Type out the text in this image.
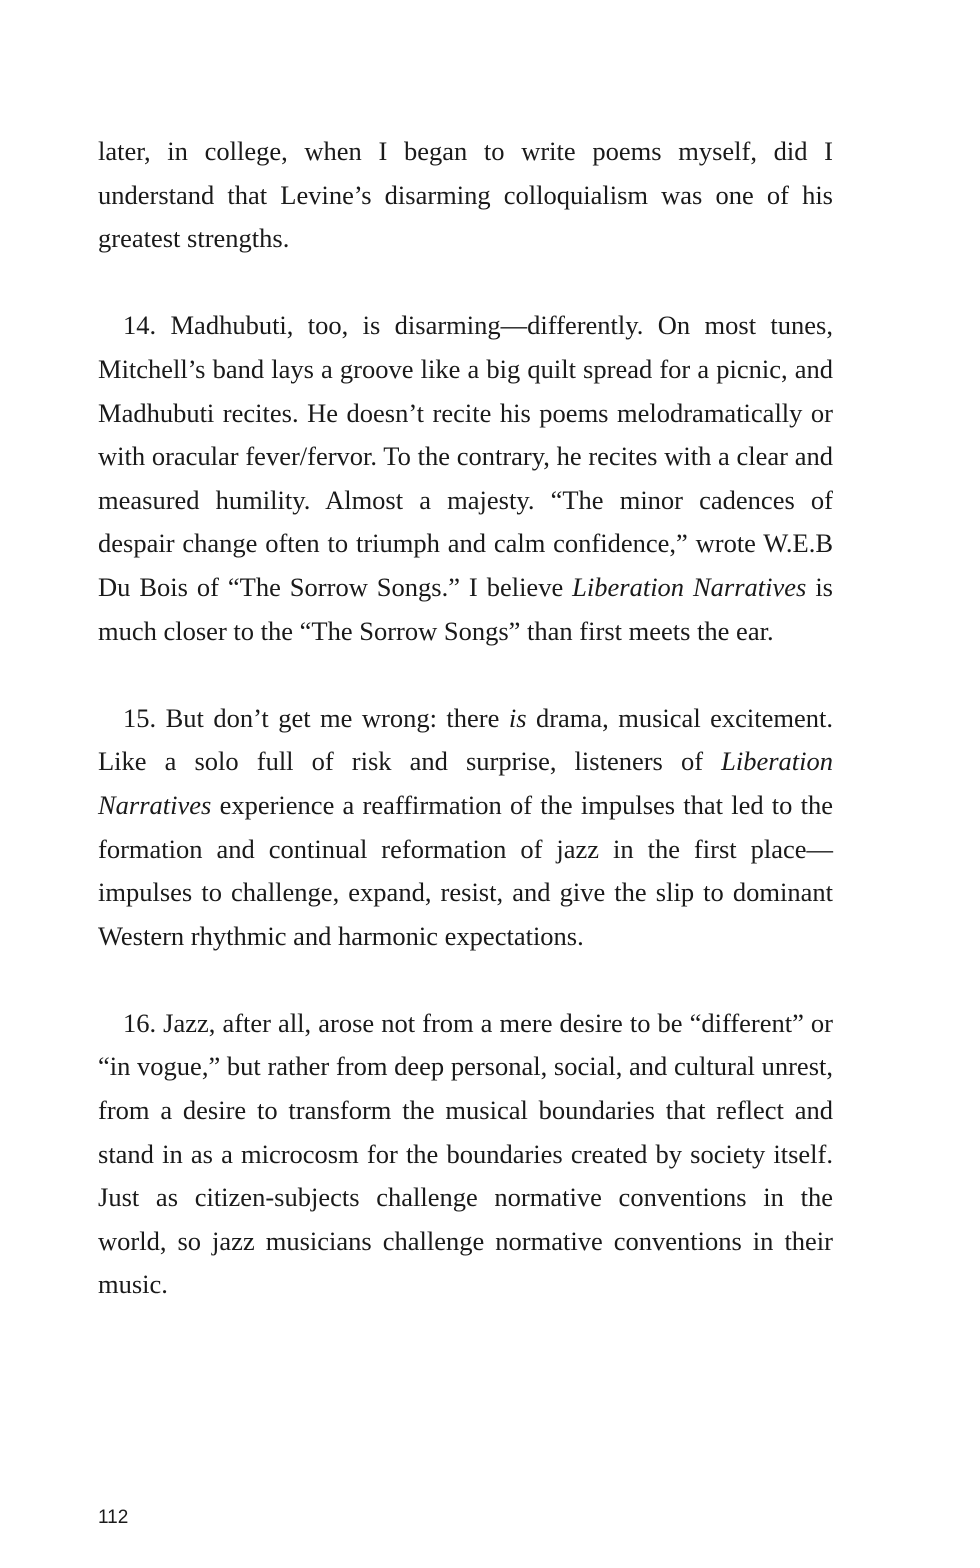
later, in college, when I began to write poems myself, did I understand that Levine’s disarming colloquialism was one of his greatest strengths.

14. Madhubuti, too, is disarming—differently. On most tunes, Mitchell’s band lays a groove like a big quilt spread for a picnic, and Madhubuti recites. He doesn’t recite his poems melodramatically or with oracular fever/fervor. To the contrary, he recites with a clear and measured humility. Almost a majesty. “The minor cadences of despair change often to triumph and calm confidence,” wrote W.E.B Du Bois of “The Sorrow Songs.” I believe Liberation Narratives is much closer to the “The Sorrow Songs” than first meets the ear.

15. But don’t get me wrong: there is drama, musical excitement. Like a solo full of risk and surprise, listeners of Liberation Narratives experience a reaffirmation of the impulses that led to the formation and continual reformation of jazz in the first place—impulses to challenge, expand, resist, and give the slip to dominant Western rhythmic and harmonic expectations.

16. Jazz, after all, arose not from a mere desire to be “different” or “in vogue,” but rather from deep personal, social, and cultural unrest, from a desire to transform the musical boundaries that reflect and stand in as a microcosm for the boundaries created by society itself. Just as citizen-subjects challenge normative conventions in the world, so jazz musicians challenge normative conventions in their music.

112
